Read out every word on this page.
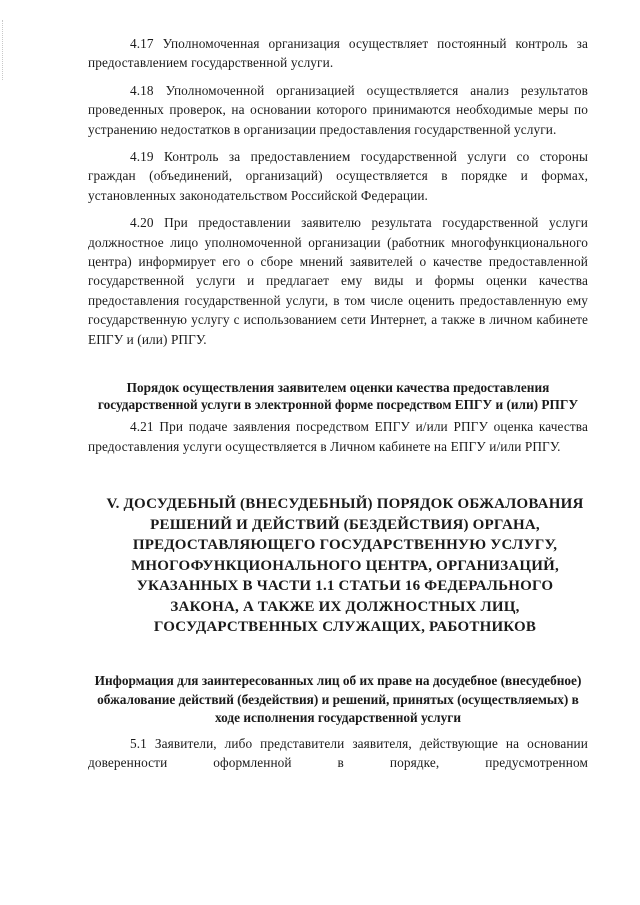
4.17 Уполномоченная организация осуществляет постоянный контроль за предоставлением государственной услуги.

4.18 Уполномоченной организацией осуществляется анализ результатов проведенных проверок, на основании которого принимаются необходимые меры по устранению недостатков в организации предоставления государственной услуги.

4.19 Контроль за предоставлением государственной услуги со стороны граждан (объединений, организаций) осуществляется в порядке и формах, установленных законодательством Российской Федерации.

4.20 При предоставлении заявителю результата государственной услуги должностное лицо уполномоченной организации (работник многофункционального центра) информирует его о сборе мнений заявителей о качестве предоставленной государственной услуги и предлагает ему виды и формы оценки качества предоставления государственной услуги, в том числе оценить предоставленную ему государственную услугу с использованием сети Интернет, а также в личном кабинете ЕПГУ и (или) РПГУ.

Порядок осуществления заявителем оценки качества предоставления государственной услуги в электронной форме посредством ЕПГУ и (или) РПГУ

4.21 При подаче заявления посредством ЕПГУ и/или РПГУ оценка качества предоставления услуги осуществляется в Личном кабинете на ЕПГУ и/или РПГУ.

V. ДОСУДЕБНЫЙ (ВНЕСУДЕБНЫЙ) ПОРЯДОК ОБЖАЛОВАНИЯ РЕШЕНИЙ И ДЕЙСТВИЙ (БЕЗДЕЙСТВИЯ) ОРГАНА, ПРЕДОСТАВЛЯЮЩЕГО ГОСУДАРСТВЕННУЮ УСЛУГУ, МНОГОФУНКЦИОНАЛЬНОГО ЦЕНТРА, ОРГАНИЗАЦИЙ, УКАЗАННЫХ В ЧАСТИ 1.1 СТАТЬИ 16 ФЕДЕРАЛЬНОГО ЗАКОНА, А ТАКЖЕ ИХ ДОЛЖНОСТНЫХ ЛИЦ, ГОСУДАРСТВЕННЫХ СЛУЖАЩИХ, РАБОТНИКОВ
Информация для заинтересованных лиц об их праве на досудебное (внесудебное) обжалование действий (бездействия) и решений, принятых (осуществляемых) в ходе исполнения государственной услуги

5.1 Заявители, либо представители заявителя, действующие на основании доверенности оформленной в порядке, предусмотренном
